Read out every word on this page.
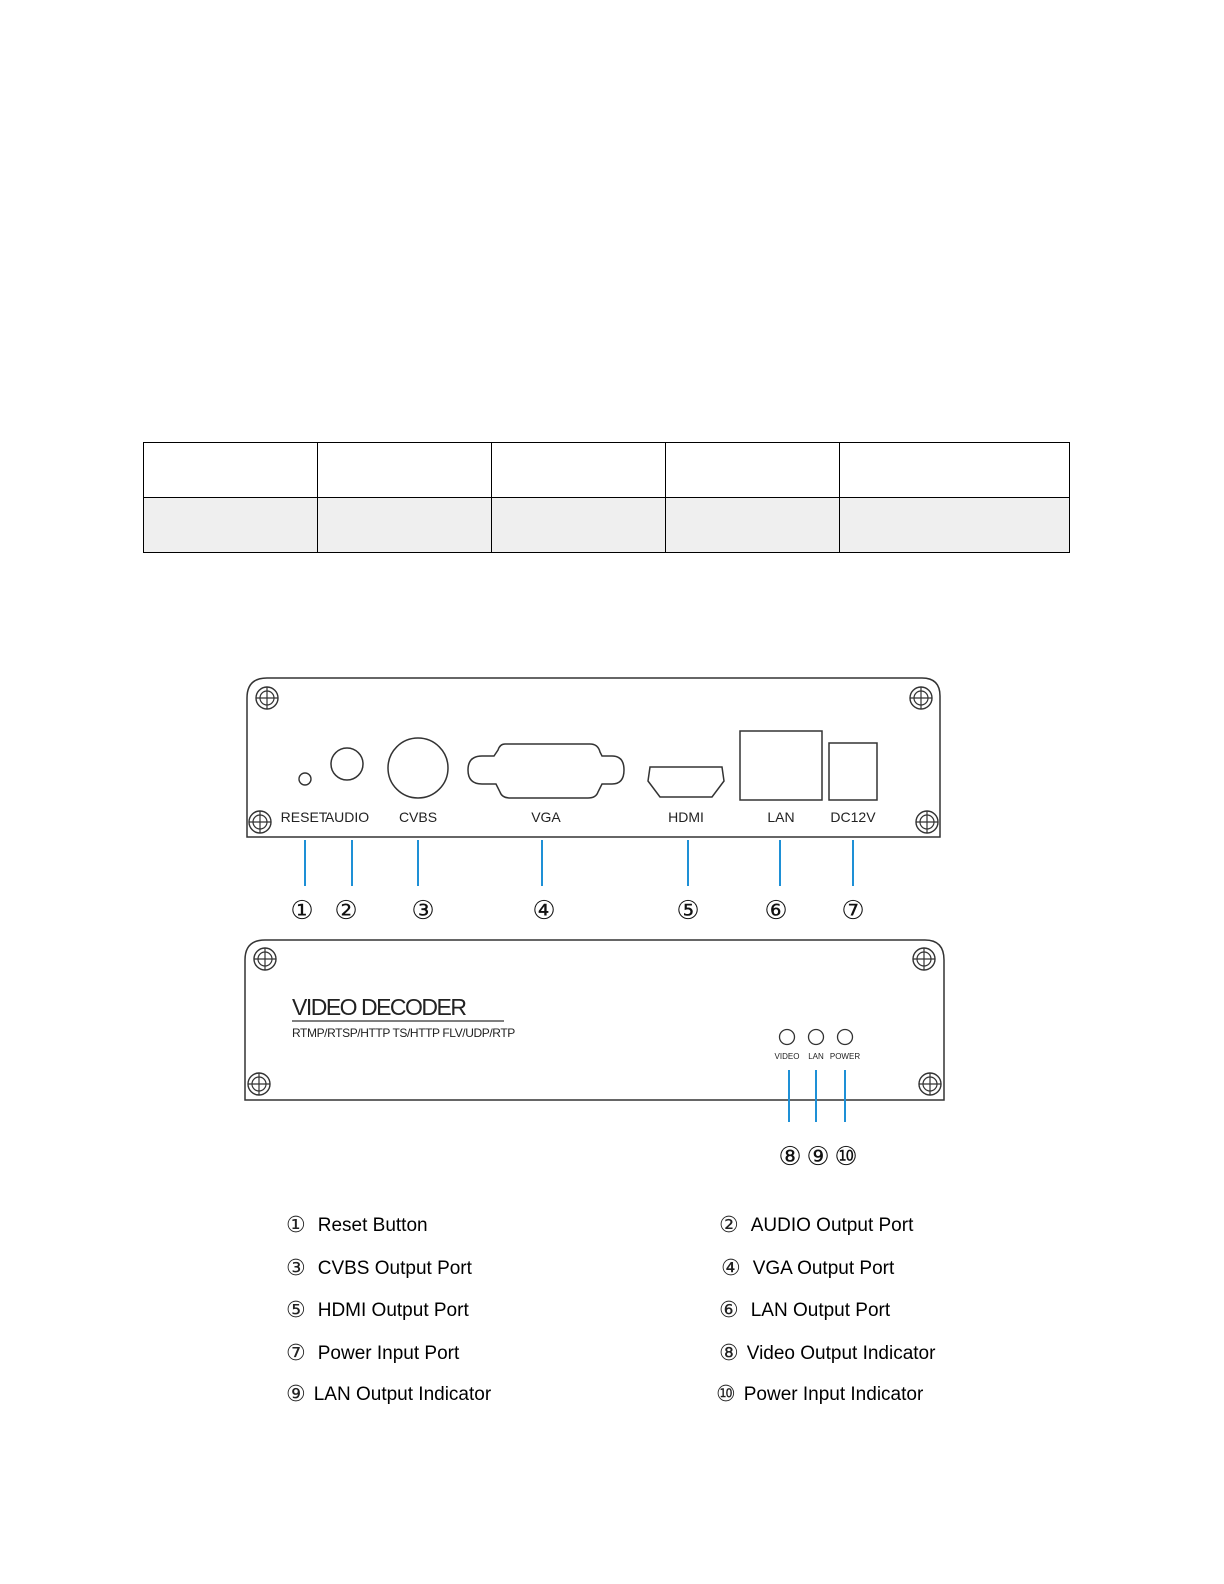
RESET
AUDIO CVBS	VGA	HDMI	LAN	DC12V
① ② ③	④	⑤ ⑥ ⑦
VIDEO DECODER
RTMP/RTSP/HTTP TS/HTTP FLV/UDP/RTP
VIDEO LAN POWER
⑧ ⑨ ⑩
① Reset Button	② AUDIO Output Port
③ CVBS Output Port	④ VGA Output Port
⑤ HDMI Output Port	⑥ LAN Output Port
⑦ Power Input Port	⑧ Video Output Indicator
⑨ LAN Output Indicator	⑩ Power Input Indicator
